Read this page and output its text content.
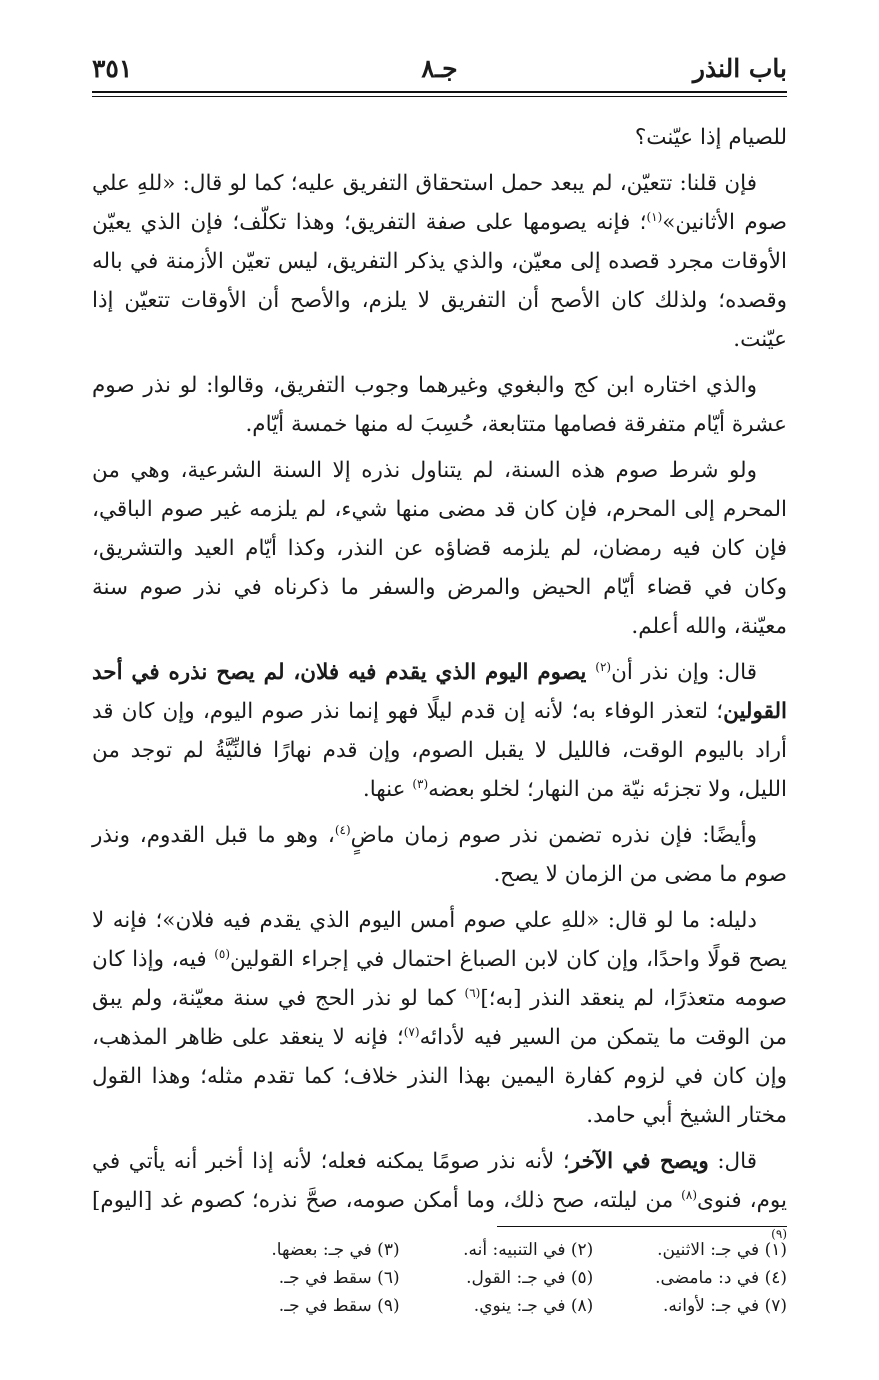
باب النذر
جـ٨
٣٥١

للصيام إذا عيّنت؟

فإن قلنا: تتعيّن، لم يبعد حمل استحقاق التفريق عليه؛ كما لو قال: «للهِ علي صوم الأثانين»$^{(١)}$؛ فإنه يصومها على صفة التفريق؛ وهذا تكلّف؛ فإن الذي يعيّن الأوقات مجرد قصده إلى معيّن، والذي يذكر التفريق، ليس تعيّن الأزمنة في باله وقصده؛ ولذلك كان الأصح أن التفريق لا يلزم، والأصح أن الأوقات تتعيّن إذا عيّنت.

والذي اختاره ابن كج والبغوي وغيرهما وجوب التفريق، وقالوا: لو نذر صوم عشرة أيّام متفرقة فصامها متتابعة، حُسِبَ له منها خمسة أيّام.

ولو شرط صوم هذه السنة، لم يتناول نذره إلا السنة الشرعية، وهي من المحرم إلى المحرم، فإن كان قد مضى منها شيء، لم يلزمه غير صوم الباقي، فإن كان فيه رمضان، لم يلزمه قضاؤه عن النذر، وكذا أيّام العيد والتشريق، وكان في قضاء أيّام الحيض والمرض والسفر ما ذكرناه في نذر صوم سنة معيّنة، والله أعلم.

قال: وإن نذر أن$^{(٢)}$ يصوم اليوم الذي يقدم فيه فلان، لم يصح نذره في أحد القولين؛ لتعذر الوفاء به؛ لأنه إن قدم ليلًا فهو إنما نذر صوم اليوم، وإن كان قد أراد باليوم الوقت، فالليل لا يقبل الصوم، وإن قدم نهارًا فالنِّيَّةُ لم توجد من الليل، ولا تجزئه نيّة من النهار؛ لخلو بعضه$^{(٣)}$ عنها.

وأيضًا: فإن نذره تضمن نذر صوم زمان ماضٍ$^{(٤)}$، وهو ما قبل القدوم، ونذر صوم ما مضى من الزمان لا يصح.

دليله: ما لو قال: «للهِ علي صوم أمس اليوم الذي يقدم فيه فلان»؛ فإنه لا يصح قولًا واحدًا، وإن كان لابن الصباغ احتمال في إجراء القولين$^{(٥)}$ فيه، وإذا كان صومه متعذرًا، لم ينعقد النذر [به؛]$^{(٦)}$ كما لو نذر الحج في سنة معيّنة، ولم يبق من الوقت ما يتمكن من السير فيه لأدائه$^{(٧)}$؛ فإنه لا ينعقد على ظاهر المذهب، وإن كان في لزوم كفارة اليمين بهذا النذر خلاف؛ كما تقدم مثله؛ وهذا القول مختار الشيخ أبي حامد.

قال: ويصح في الآخر؛ لأنه نذر صومًا يمكنه فعله؛ لأنه إذا أخبر أنه يأتي في يوم، فنوى$^{(٨)}$ من ليلته، صح ذلك، وما أمكن صومه، صحَّ نذره؛ كصوم غد [اليوم]$^{(٩)}$

(١) في جـ: الاثنين.
(٢) في التنبيه: أنه.
(٣) في جـ: بعضها.
(٤) في د: مامضى.
(٥) في جـ: القول.
(٦) سقط في جـ.
(٧) في جـ: لأوانه.
(٨) في جـ: ينوي.
(٩) سقط في جـ.
